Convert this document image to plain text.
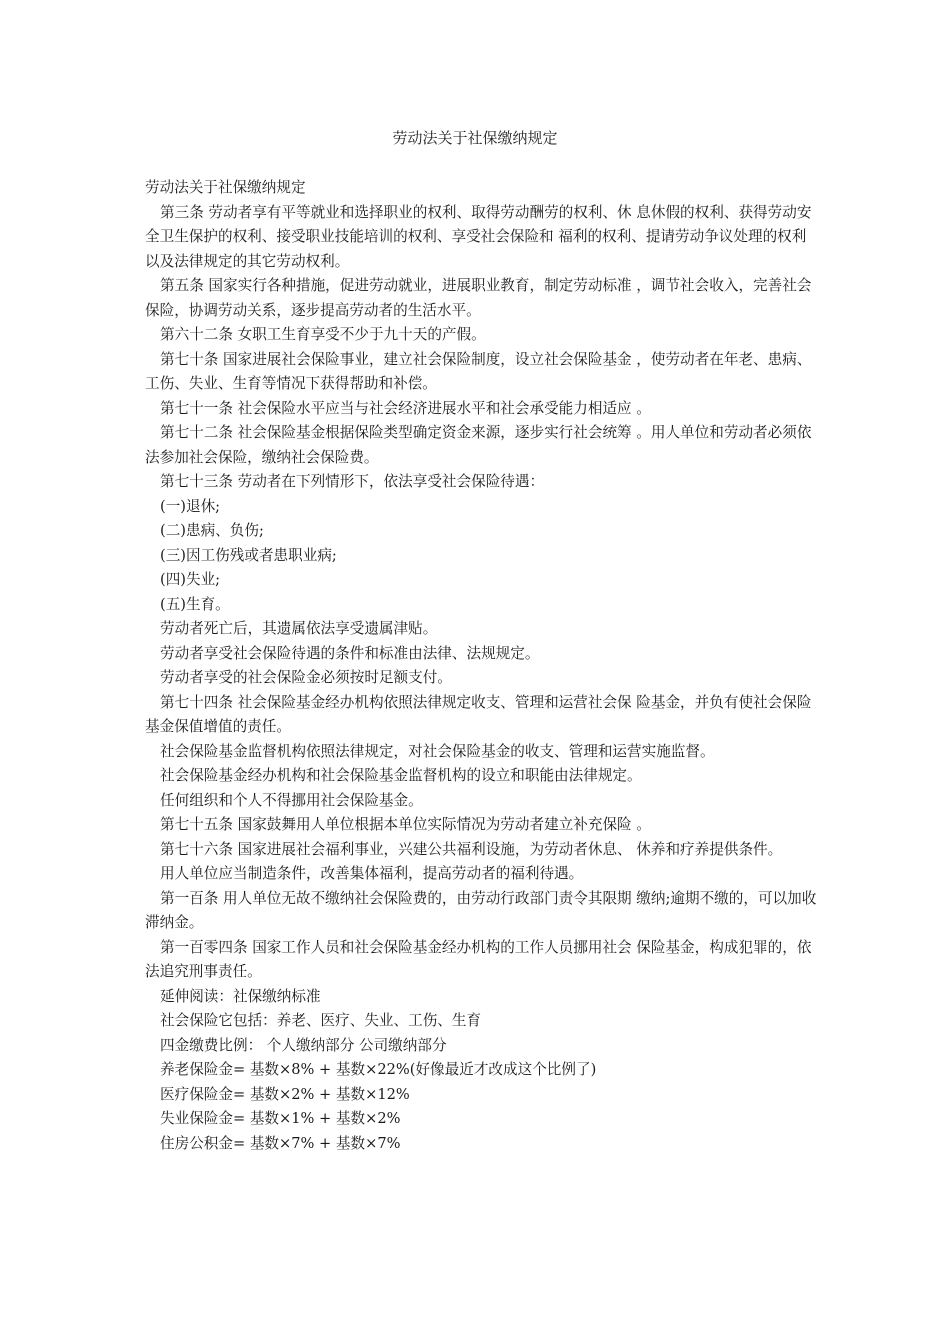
劳动法关于社保缴纳规定

劳动法关于社保缴纳规定

第三条 劳动者享有平等就业和选择职业的权利、取得劳动酬劳的权利、休 息休假的权利、获得劳动安全卫生保护的权利、接受职业技能培训的权利、享受社会保险和 福利的权利、提请劳动争议处理的权利以及法律规定的其它劳动权利。

第五条 国家实行各种措施，促进劳动就业，进展职业教育，制定劳动标准 ，调节社会收入，完善社会保险，协调劳动关系，逐步提高劳动者的生活水平。

第六十二条 女职工生育享受不少于九十天的产假。

第七十条 国家进展社会保险事业，建立社会保险制度，设立社会保险基金 ，使劳动者在年老、患病、工伤、失业、生育等情况下获得帮助和补偿。

第七十一条 社会保险水平应当与社会经济进展水平和社会承受能力相适应 。

第七十二条 社会保险基金根据保险类型确定资金来源，逐步实行社会统筹 。用人单位和劳动者必须依法参加社会保险，缴纳社会保险费。

第七十三条 劳动者在下列情形下，依法享受社会保险待遇：

(一)退休;

(二)患病、负伤;

(三)因工伤残或者患职业病;

(四)失业;

(五)生育。

劳动者死亡后，其遗属依法享受遗属津贴。

劳动者享受社会保险待遇的条件和标准由法律、法规规定。

劳动者享受的社会保险金必须按时足额支付。

第七十四条 社会保险基金经办机构依照法律规定收支、管理和运营社会保 险基金，并负有使社会保险基金保值增值的责任。

社会保险基金监督机构依照法律规定，对社会保险基金的收支、管理和运营实施监督。

社会保险基金经办机构和社会保险基金监督机构的设立和职能由法律规定。

任何组织和个人不得挪用社会保险基金。

第七十五条 国家鼓舞用人单位根据本单位实际情况为劳动者建立补充保险 。

第七十六条 国家进展社会福利事业，兴建公共福利设施，为劳动者休息、 休养和疗养提供条件。

用人单位应当制造条件，改善集体福利，提高劳动者的福利待遇。

第一百条 用人单位无故不缴纳社会保险费的，由劳动行政部门责令其限期 缴纳;逾期不缴的，可以加收滞纳金。

第一百零四条 国家工作人员和社会保险基金经办机构的工作人员挪用社会 保险基金，构成犯罪的，依法追究刑事责任。

延伸阅读：社保缴纳标准

社会保险它包括：养老、医疗、失业、工伤、生育

四金缴费比例： 个人缴纳部分 公司缴纳部分

养老保险金= 基数×8% + 基数×22%(好像最近才改成这个比例了)

医疗保险金= 基数×2% + 基数×12%

失业保险金= 基数×1% + 基数×2%

住房公积金= 基数×7% + 基数×7%
